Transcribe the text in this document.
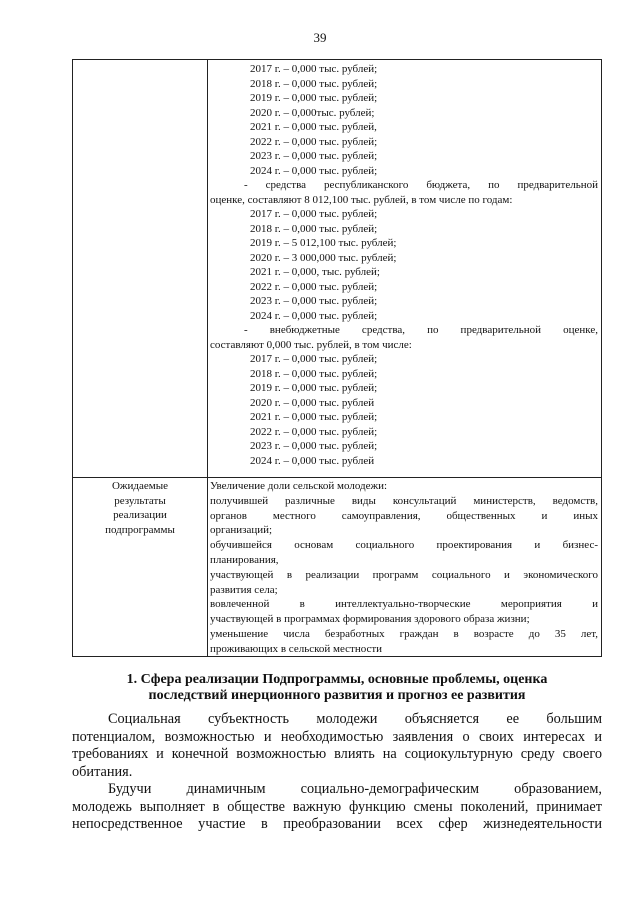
39
2017 г. – 0,000 тыс. рублей;
2018 г. – 0,000 тыс. рублей;
2019 г. – 0,000 тыс. рублей;
2020 г. – 0,000тыс. рублей;
2021 г. – 0,000 тыс. рублей,
2022 г. – 0,000 тыс. рублей;
2023 г. – 0,000 тыс. рублей;
2024 г. – 0,000 тыс. рублей;
- средства республиканского бюджета, по предварительной
оценке, составляют 8 012,100 тыс. рублей, в том числе по годам:
2017 г. – 0,000 тыс. рублей;
2018 г. – 0,000 тыс. рублей;
2019 г. – 5 012,100 тыс. рублей;
2020 г. – 3 000,000 тыс. рублей;
2021 г. – 0,000, тыс. рублей;
2022 г. – 0,000 тыс. рублей;
2023 г. – 0,000 тыс. рублей;
2024 г. – 0,000 тыс. рублей;
- внебюджетные средства, по предварительной оценке,
составляют 0,000 тыс. рублей, в том числе:
2017 г. – 0,000 тыс. рублей;
2018 г. – 0,000 тыс. рублей;
2019 г. – 0,000 тыс. рублей;
2020 г. – 0,000 тыс. рублей
2021 г. – 0,000 тыс. рублей;
2022 г. – 0,000 тыс. рублей;
2023 г. – 0,000 тыс. рублей;
2024 г. – 0,000 тыс. рублей
Ожидаемые
результаты
реализации
подпрограммы
Увеличение доли сельской молодежи:
получившей различные виды консультаций министерств, ведомств,
органов местного самоуправления, общественных и иных
организаций;
обучившейся основам социального проектирования и бизнес-
планирования,
участвующей в реализации программ социального и экономического
развития села;
вовлеченной в интеллектуально-творческие мероприятия и
участвующей в программах формирования здорового образа жизни;
уменьшение числа безработных граждан в возрасте до 35 лет,
проживающих в сельской местности
1. Сфера реализации Подпрограммы, основные проблемы, оценка
последствий инерционного развития и прогноз ее развития
Социальная субъектность молодежи объясняется ее большим
потенциалом, возможностью и необходимостью заявления о своих интересах и
требованиях и конечной возможностью влиять на социокультурную среду своего
обитания.
Будучи динамичным социально-демографическим образованием,
молодежь выполняет в обществе важную функцию смены поколений, принимает
непосредственное участие в преобразовании всех сфер жизнедеятельности
